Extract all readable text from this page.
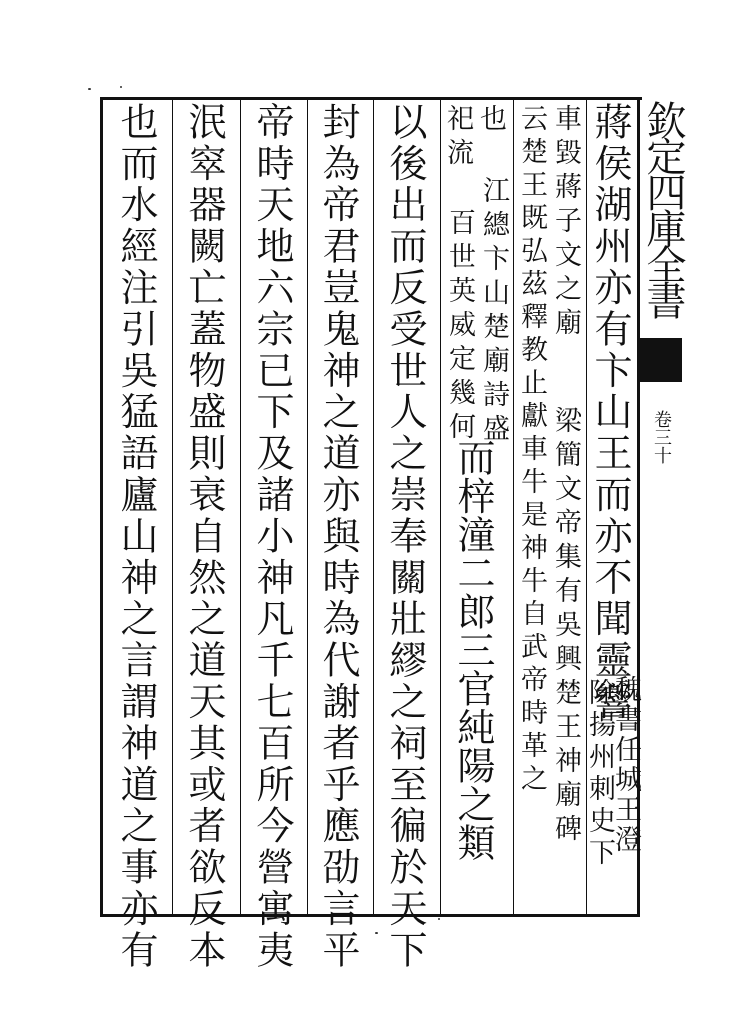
欽定四庫全書
卷三十
蔣侯湖州亦有卞山王而亦不聞靈響
車毀蔣子文之廟
梁簡文帝集有吳興楚王神廟碑 魏書任城王澄
云楚王既弘茲釋教止獻車牛是神牛自武帝時革之 除揚州刺史下
也
江總卞山楚廟詩盛
祀流
百世英威定幾何
而梓潼二郎三官純陽之類
以後出而反受世人之崇奉關壯繆之祠至徧於天下
封為帝君豈鬼神之道亦與時為代謝者乎應劭言平
帝時天地六宗已下及諸小神凡千七百所今營寓夷
泯窣器闕亡蓋物盛則衰自然之道天其或者欲反本
也而水經注引吳猛語廬山神之言謂神道之事亦有
